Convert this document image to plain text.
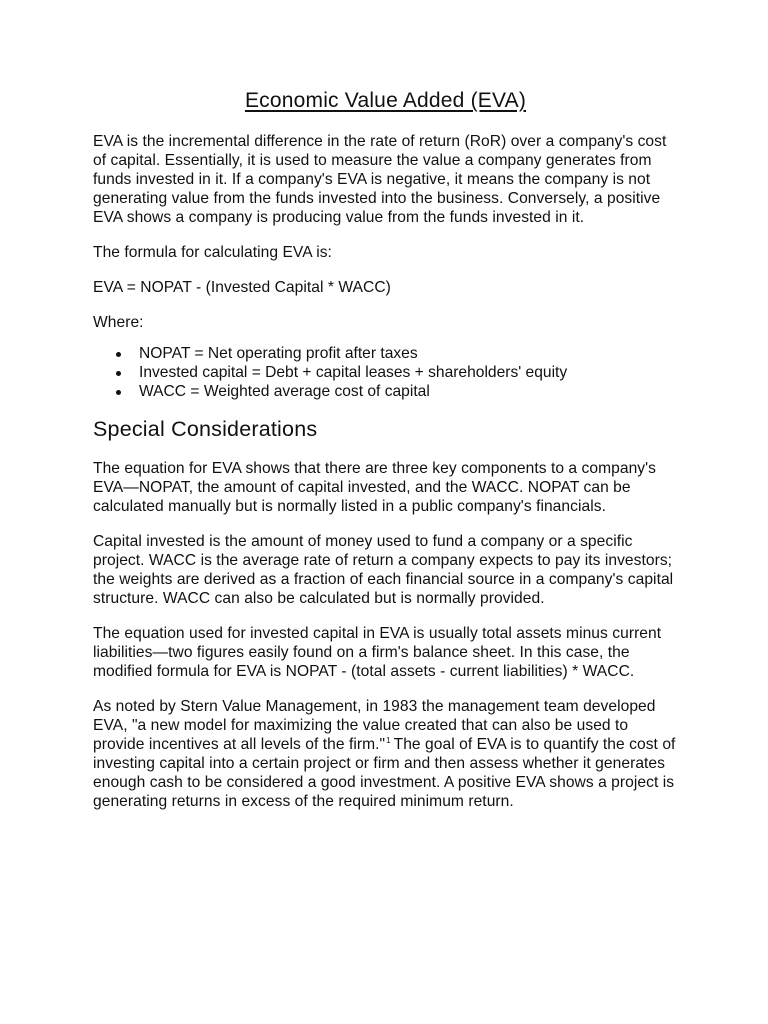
Economic Value Added (EVA)

EVA is the incremental difference in the rate of return (RoR) over a company's cost of capital. Essentially, it is used to measure the value a company generates from funds invested in it. If a company's EVA is negative, it means the company is not generating value from the funds invested into the business. Conversely, a positive EVA shows a company is producing value from the funds invested in it.

The formula for calculating EVA is:

EVA = NOPAT - (Invested Capital * WACC)

Where:

NOPAT = Net operating profit after taxes
Invested capital = Debt + capital leases + shareholders' equity
WACC = Weighted average cost of capital
Special Considerations

The equation for EVA shows that there are three key components to a company's EVA—NOPAT, the amount of capital invested, and the WACC. NOPAT can be calculated manually but is normally listed in a public company's financials.

Capital invested is the amount of money used to fund a company or a specific project. WACC is the average rate of return a company expects to pay its investors; the weights are derived as a fraction of each financial source in a company's capital structure. WACC can also be calculated but is normally provided.

The equation used for invested capital in EVA is usually total assets minus current liabilities—two figures easily found on a firm's balance sheet. In this case, the modified formula for EVA is NOPAT - (total assets - current liabilities) * WACC.

As noted by Stern Value Management, in 1983 the management team developed EVA, "a new model for maximizing the value created that can also be used to provide incentives at all levels of the firm."$^1$ The goal of EVA is to quantify the cost of investing capital into a certain project or firm and then assess whether it generates enough cash to be considered a good investment. A positive EVA shows a project is generating returns in excess of the required minimum return.
